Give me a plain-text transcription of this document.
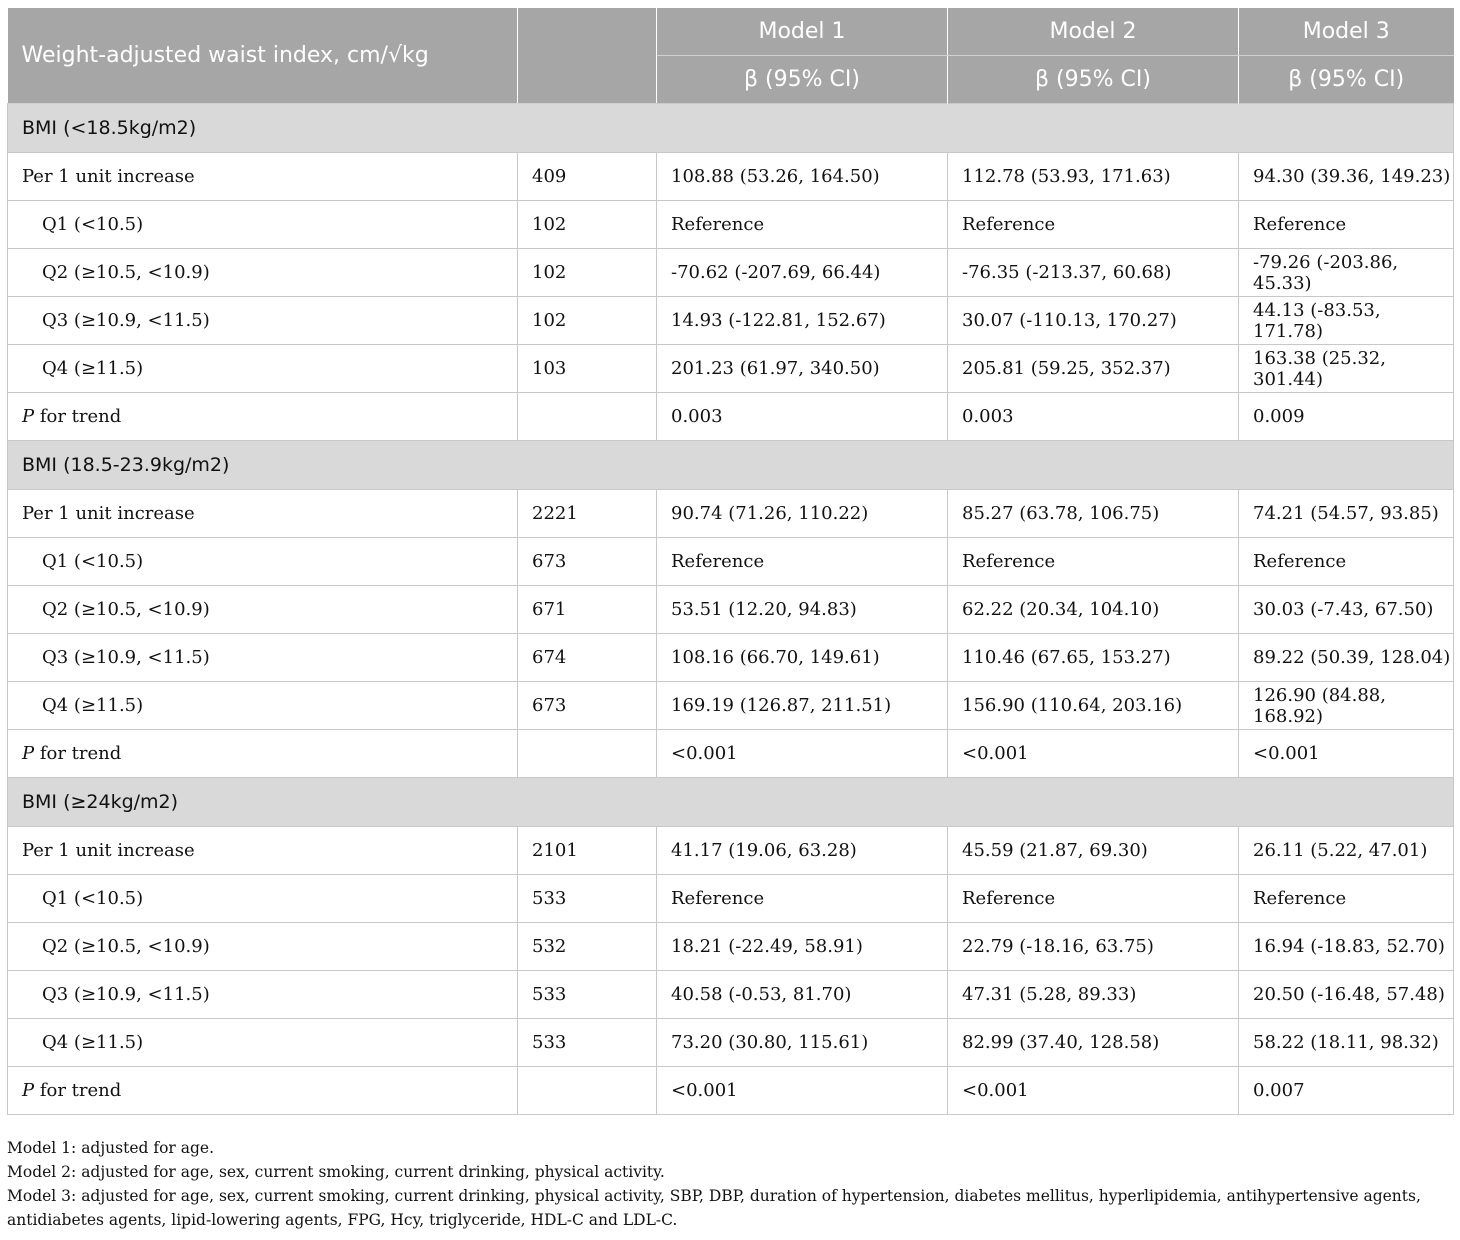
Weight-adjusted waist index, cm/√kg		Model 1	Model 2	Model 3
		β (95% CI)	β (95% CI)	β (95% CI)
BMI (<18.5kg/m2)				
Per 1 unit increase	409	108.88 (53.26, 164.50)	112.78 (53.93, 171.63)	94.30 (39.36, 149.23)
Q1 (<10.5)	102	Reference	Reference	Reference
Q2 (≥10.5, <10.9)	102	-70.62 (-207.69, 66.44)	-76.35 (-213.37, 60.68)	-79.26 (-203.86, 45.33)
Q3 (≥10.9, <11.5)	102	14.93 (-122.81, 152.67)	30.07 (-110.13, 170.27)	44.13 (-83.53, 171.78)
Q4 (≥11.5)	103	201.23 (61.97, 340.50)	205.81 (59.25, 352.37)	163.38 (25.32, 301.44)
P for trend		0.003	0.003	0.009
BMI (18.5-23.9kg/m2)				
Per 1 unit increase	2221	90.74 (71.26, 110.22)	85.27 (63.78, 106.75)	74.21 (54.57, 93.85)
Q1 (<10.5)	673	Reference	Reference	Reference
Q2 (≥10.5, <10.9)	671	53.51 (12.20, 94.83)	62.22 (20.34, 104.10)	30.03 (-7.43, 67.50)
Q3 (≥10.9, <11.5)	674	108.16 (66.70, 149.61)	110.46 (67.65, 153.27)	89.22 (50.39, 128.04)
Q4 (≥11.5)	673	169.19 (126.87, 211.51)	156.90 (110.64, 203.16)	126.90 (84.88, 168.92)
P for trend		<0.001	<0.001	<0.001
BMI (≥24kg/m2)				
Per 1 unit increase	2101	41.17 (19.06, 63.28)	45.59 (21.87, 69.30)	26.11 (5.22, 47.01)
Q1 (<10.5)	533	Reference	Reference	Reference
Q2 (≥10.5, <10.9)	532	18.21 (-22.49, 58.91)	22.79 (-18.16, 63.75)	16.94 (-18.83, 52.70)
Q3 (≥10.9, <11.5)	533	40.58 (-0.53, 81.70)	47.31 (5.28, 89.33)	20.50 (-16.48, 57.48)
Q4 (≥11.5)	533	73.20 (30.80, 115.61)	82.99 (37.40, 128.58)	58.22 (18.11, 98.32)
P for trend		<0.001	<0.001	0.007

Model 1: adjusted for age.

Model 2: adjusted for age, sex, current smoking, current drinking, physical activity.

Model 3: adjusted for age, sex, current smoking, current drinking, physical activity, SBP, DBP, duration of hypertension, diabetes mellitus, hyperlipidemia, antihypertensive agents, antidiabetes agents, lipid-lowering agents, FPG, Hcy, triglyceride, HDL-C and LDL-C.
